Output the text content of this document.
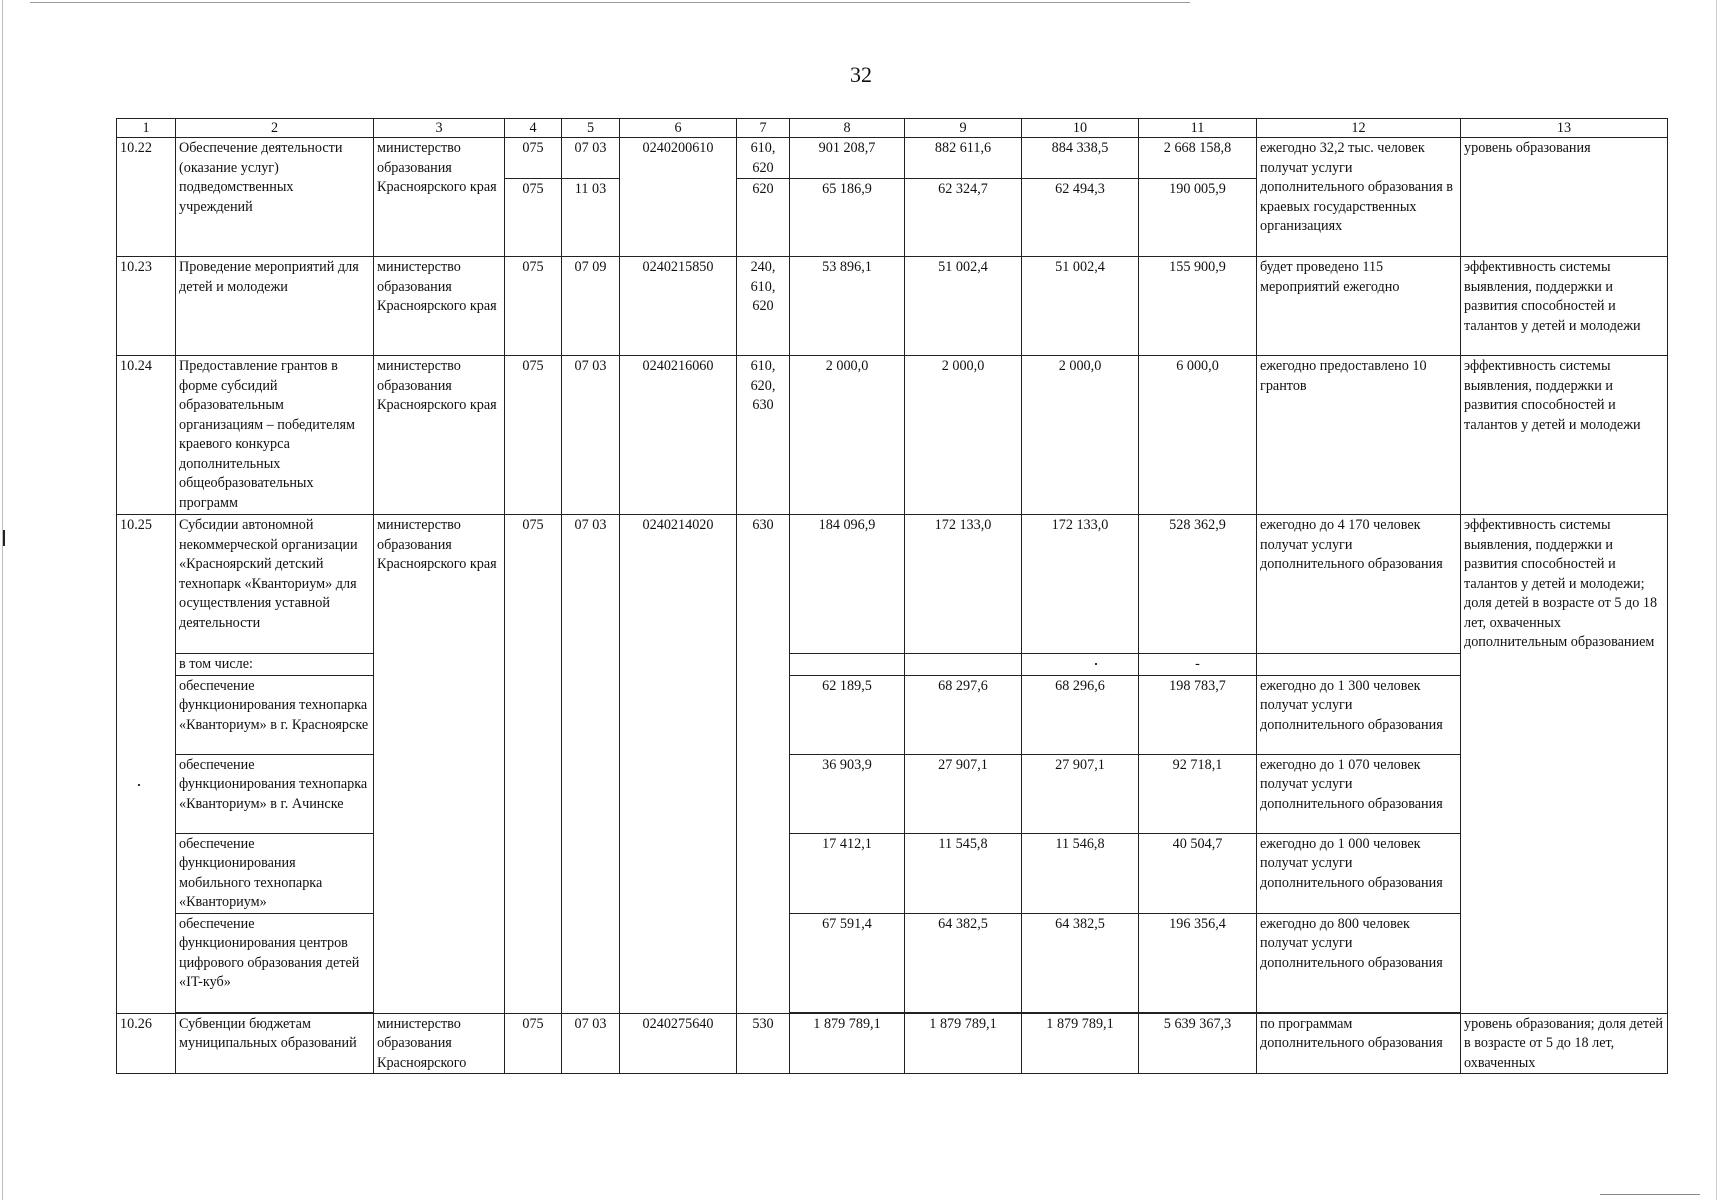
32
1	2	3	4	5	6	7	8	9	10	11	12	13
10.22	Обеспечение деятельности (оказание услуг) подведомственных учреждений	министерство образования Красноярского края	075	07 03	0240200610	610, 620	901 208,7	882 611,6	884 338,5	2 668 158,8	ежегодно 32,2 тыс. человек получат услуги дополнительного образования в краевых государственных организациях	уровень образования
			075	11 03		620	65 186,9	62 324,7	62 494,3	190 005,9		
10.23	Проведение мероприятий для детей и молодежи	министерство образования Красноярского края	075	07 09	0240215850	240, 610, 620	53 896,1	51 002,4	51 002,4	155 900,9	будет проведено 115 мероприятий ежегодно	эффективность системы выявления, поддержки и развития способностей и талантов у детей и молодежи
10.24	Предоставление грантов в форме субсидий образовательным организациям – победителям краевого конкурса дополнительных общеобразовательных программ	министерство образования Красноярского края	075	07 03	0240216060	610, 620, 630	2 000,0	2 000,0	2 000,0	6 000,0	ежегодно предоставлено 10 грантов	эффективность системы выявления, поддержки и развития способностей и талантов у детей и молодежи
10.25	Субсидии автономной некоммерческой организации «Красноярский детский технопарк «Кванториум» для осуществления уставной деятельности	министерство образования Красноярского края	075	07 03	0240214020	630	184 096,9	172 133,0	172 133,0	528 362,9	ежегодно до 4 170 человек получат услуги дополнительного образования	эффективность системы выявления, поддержки и развития способностей и талантов у детей и молодежи; доля детей в возрасте от 5 до 18 лет, охваченных дополнительным образованием
	в том числе:									-		
	обеспечение функционирования технопарка «Кванториум» в г. Красноярске						62 189,5	68 297,6	68 296,6	198 783,7	ежегодно до 1 300 человек получат услуги дополнительного образования	
	обеспечение функционирования технопарка «Кванториум» в г. Ачинске						36 903,9	27 907,1	27 907,1	92 718,1	ежегодно до 1 070 человек получат услуги дополнительного образования	
	обеспечение функционирования мобильного технопарка «Кванториум»						17 412,1	11 545,8	11 546,8	40 504,7	ежегодно до 1 000 человек получат услуги дополнительного образования	
	обеспечение функционирования центров цифрового образования детей «IT-куб»						67 591,4	64 382,5	64 382,5	196 356,4	ежегодно до 800 человек получат услуги дополнительного образования	

10.26	Субвенции бюджетам муниципальных образований	министерство образования Красноярского	075	07 03	0240275640	530	1 879 789,1	1 879 789,1	1 879 789,1	5 639 367,3	по программам дополнительного образования	уровень образования; доля детей в возрасте от 5 до 18 лет, охваченных
